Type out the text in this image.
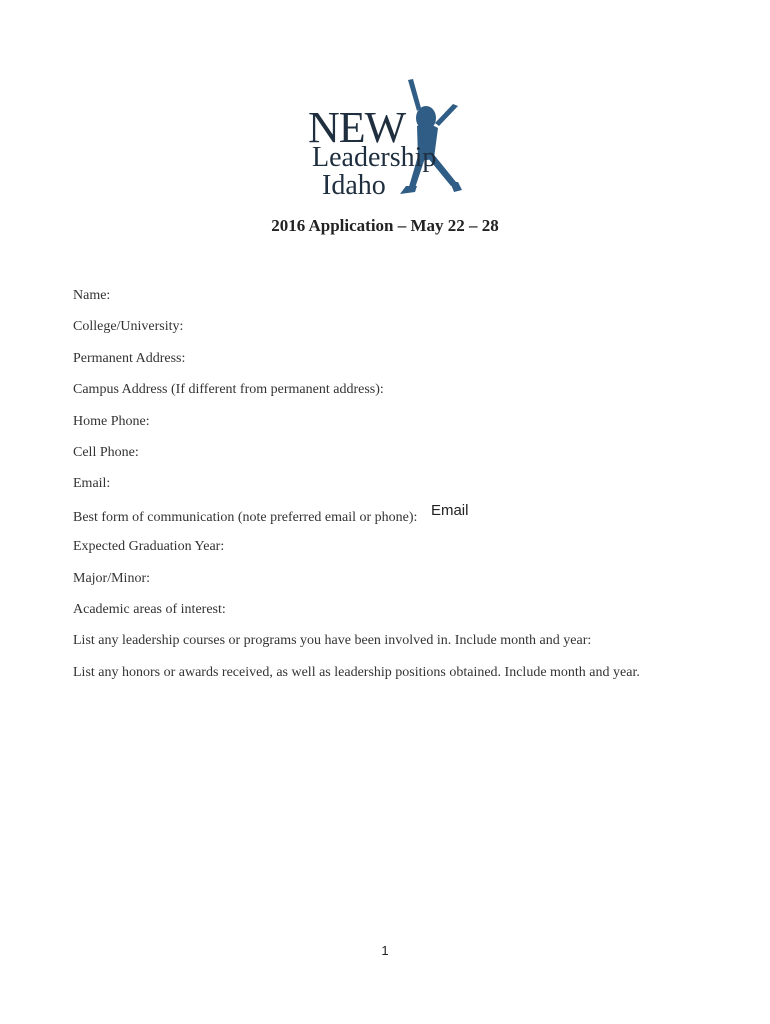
NEW
Leadership
Idaho
2016 Application – May 22 – 28
Name:
College/University:
Permanent Address:
Campus Address (If different from permanent address):
Home Phone:
Cell Phone:
Email:
Best form of communication (note preferred email or phone): Email
Expected Graduation Year:
Major/Minor:
Academic areas of interest:
List any leadership courses or programs you have been involved in. Include month and year:
List any honors or awards received, as well as leadership positions obtained. Include month and year.
1
